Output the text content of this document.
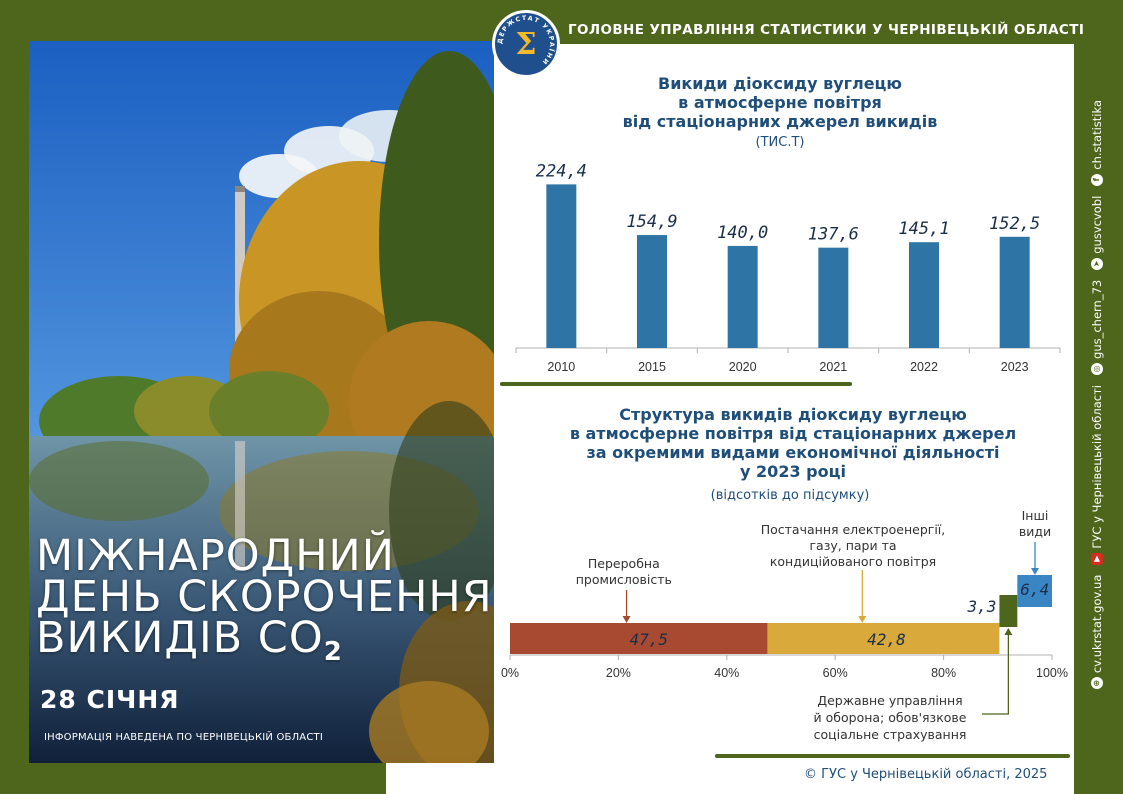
МІЖНАРОДНИЙ
ДЕНЬ СКОРОЧЕННЯ
ВИКИДІВ $СО_2$
28 СІЧНЯ
ІНФОРМАЦІЯ НАВЕДЕНА ПО ЧЕРНІВЕЦЬКІЙ ОБЛАСТІ
ГОЛОВНЕ УПРАВЛІННЯ СТАТИСТИКИ У ЧЕРНІВЕЦЬКІЙ ОБЛАСТІ
ДЕРЖСТАТ УКРАЇНИ
Σ
Викиди діоксиду вуглецю
в атмосферне повітря
від стаціонарних джерел викидів
(ТИС.Т)
224,4
2010
154,9
2015
140,0
2020
137,6
2021
145,1
2022
152,5
2023
Структура викидів діоксиду вуглецю
в атмосферне повітря від стаціонарних джерел
за окремими видами економічної діяльності
у 2023 році
(відсотків до підсумку)
0%	20%	40%	60%	80%	100%
47,5	42,8
3,3
6,4
Переробна
промисловість
Постачання електроенергії,
газу, пари та
кондиційованого повітря
Інші
види
Державне управління
й оборона; обов'язкове
соціальне страхування
© ГУС у Чернівецькій області, 2025
⊕
cv.ukrstat.gov.ua
▶
ГУС у Чернівецькій області
◎
gus_chern_73
➤
gusvcvobl
f
ch.statistika
